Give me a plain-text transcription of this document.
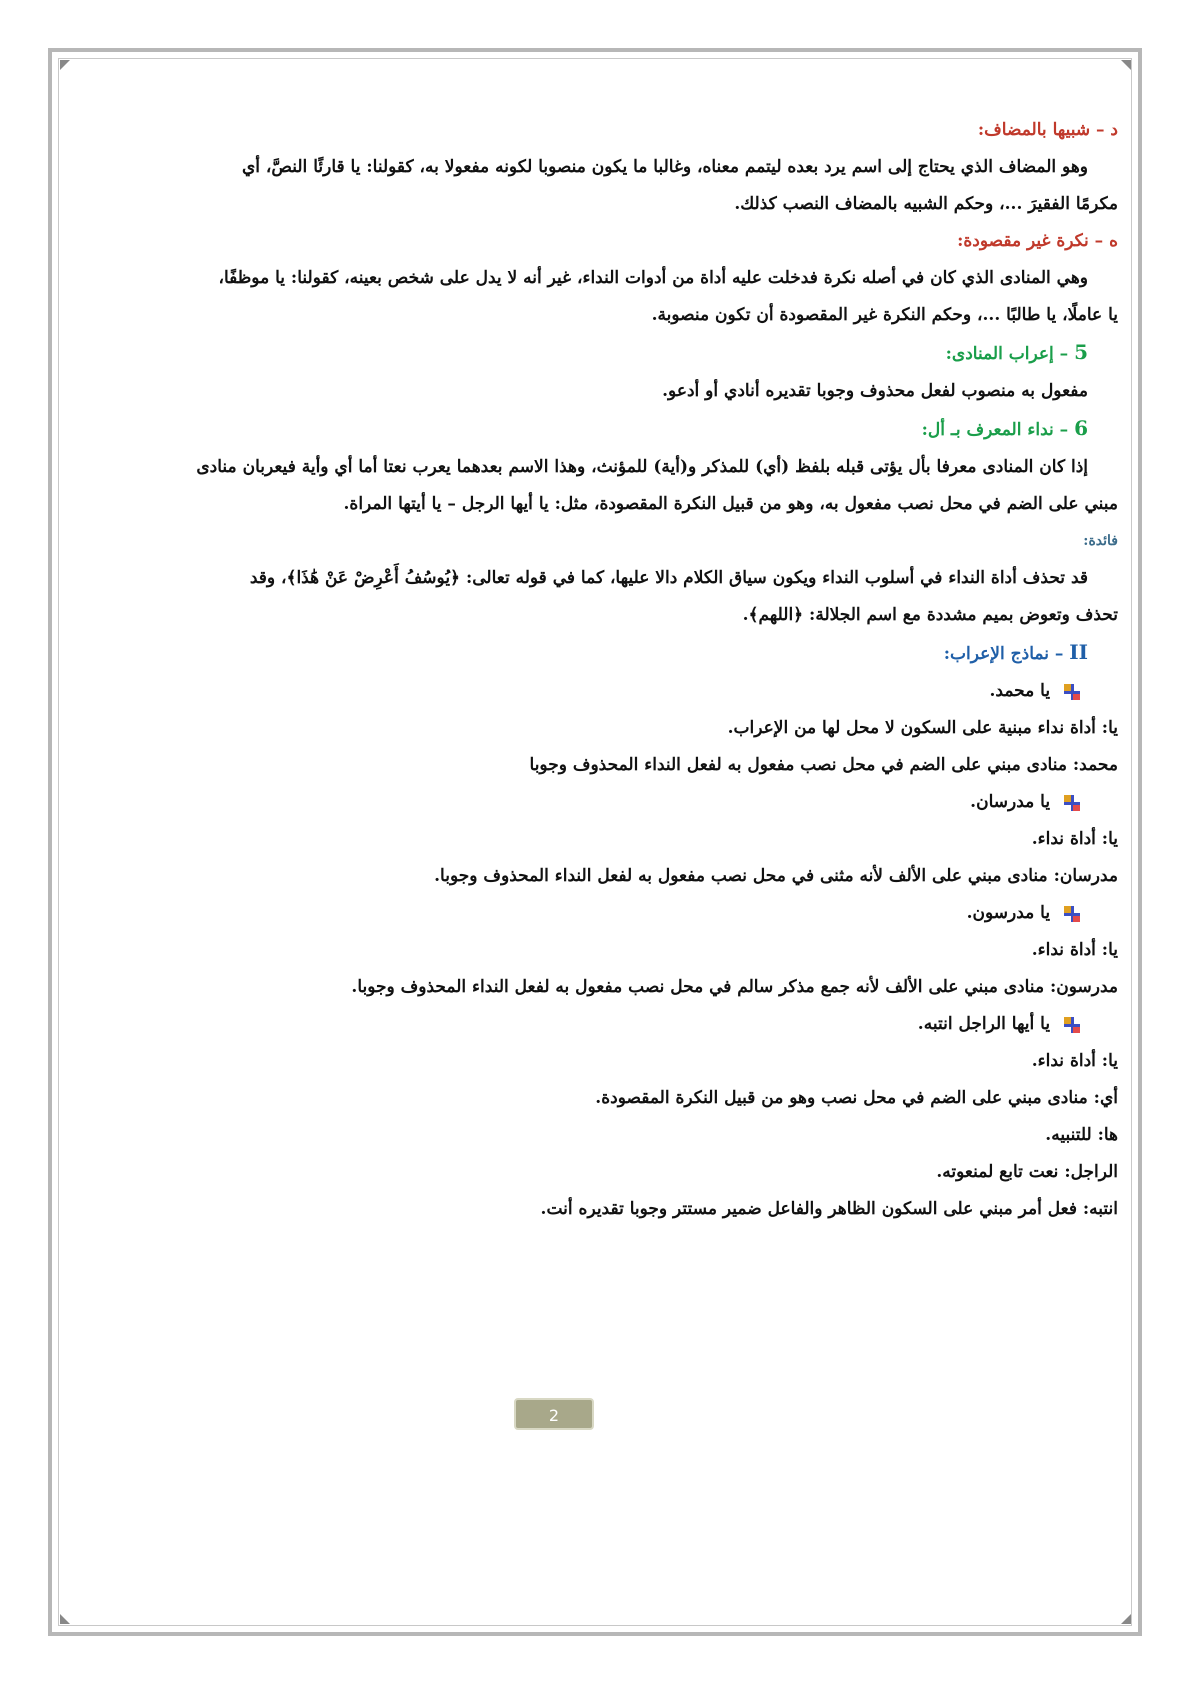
د – شبيها بالمضاف:
وهو المضاف الذي يحتاج إلى اسم يرد بعده ليتمم معناه، وغالبا ما يكون منصوبا لكونه مفعولا به، كقولنا: يا قارئًا النصَّ، أي
مكرمًا الفقيرَ ...، وحكم الشبيه بالمضاف النصب كذلك.
ه – نكرة غير مقصودة:
وهي المنادى الذي كان في أصله نكرة فدخلت عليه أداة من أدوات النداء، غير أنه لا يدل على شخص بعينه، كقولنا: يا موظفًا،
يا عاملًا، يا طالبًا ...، وحكم النكرة غير المقصودة أن تكون منصوبة.
5 – إعراب المنادى:
مفعول به منصوب لفعل محذوف وجوبا تقديره أنادي أو أدعو.
6 – نداء المعرف بـ أل:
إذا كان المنادى معرفا بأل يؤتى قبله بلفظ (أي) للمذكر و(أية) للمؤنث، وهذا الاسم بعدهما يعرب نعتا أما أي وأية فيعربان منادى
مبني على الضم في محل نصب مفعول به، وهو من قبيل النكرة المقصودة، مثل: يا أيها الرجل – يا أيتها المراة.
فائدة:
قد تحذف أداة النداء في أسلوب النداء ويكون سياق الكلام دالا عليها، كما في قوله تعالى: ﴿يُوسُفُ أَعْرِضْ عَنْ هَٰذَا﴾، وقد
تحذف وتعوض بميم مشددة مع اسم الجلالة: ﴿اللهم﴾.
II – نماذج الإعراب:
يا محمد.
يا: أداة نداء مبنية على السكون لا محل لها من الإعراب.
محمد: منادى مبني على الضم في محل نصب مفعول به لفعل النداء المحذوف وجوبا
يا مدرسان.
يا: أداة نداء.
مدرسان: منادى مبني على الألف لأنه مثنى في محل نصب مفعول به لفعل النداء المحذوف وجوبا.
يا مدرسون.
يا: أداة نداء.
مدرسون: منادى مبني على الألف لأنه جمع مذكر سالم في محل نصب مفعول به لفعل النداء المحذوف وجوبا.
يا أيها الراجل انتبه.
يا: أداة نداء.
أي: منادى مبني على الضم في محل نصب وهو من قبيل النكرة المقصودة.
ها: للتنبيه.
الراجل: نعت تابع لمنعوته.
انتبه: فعل أمر مبني على السكون الظاهر والفاعل ضمير مستتر وجوبا تقديره أنت.
2
